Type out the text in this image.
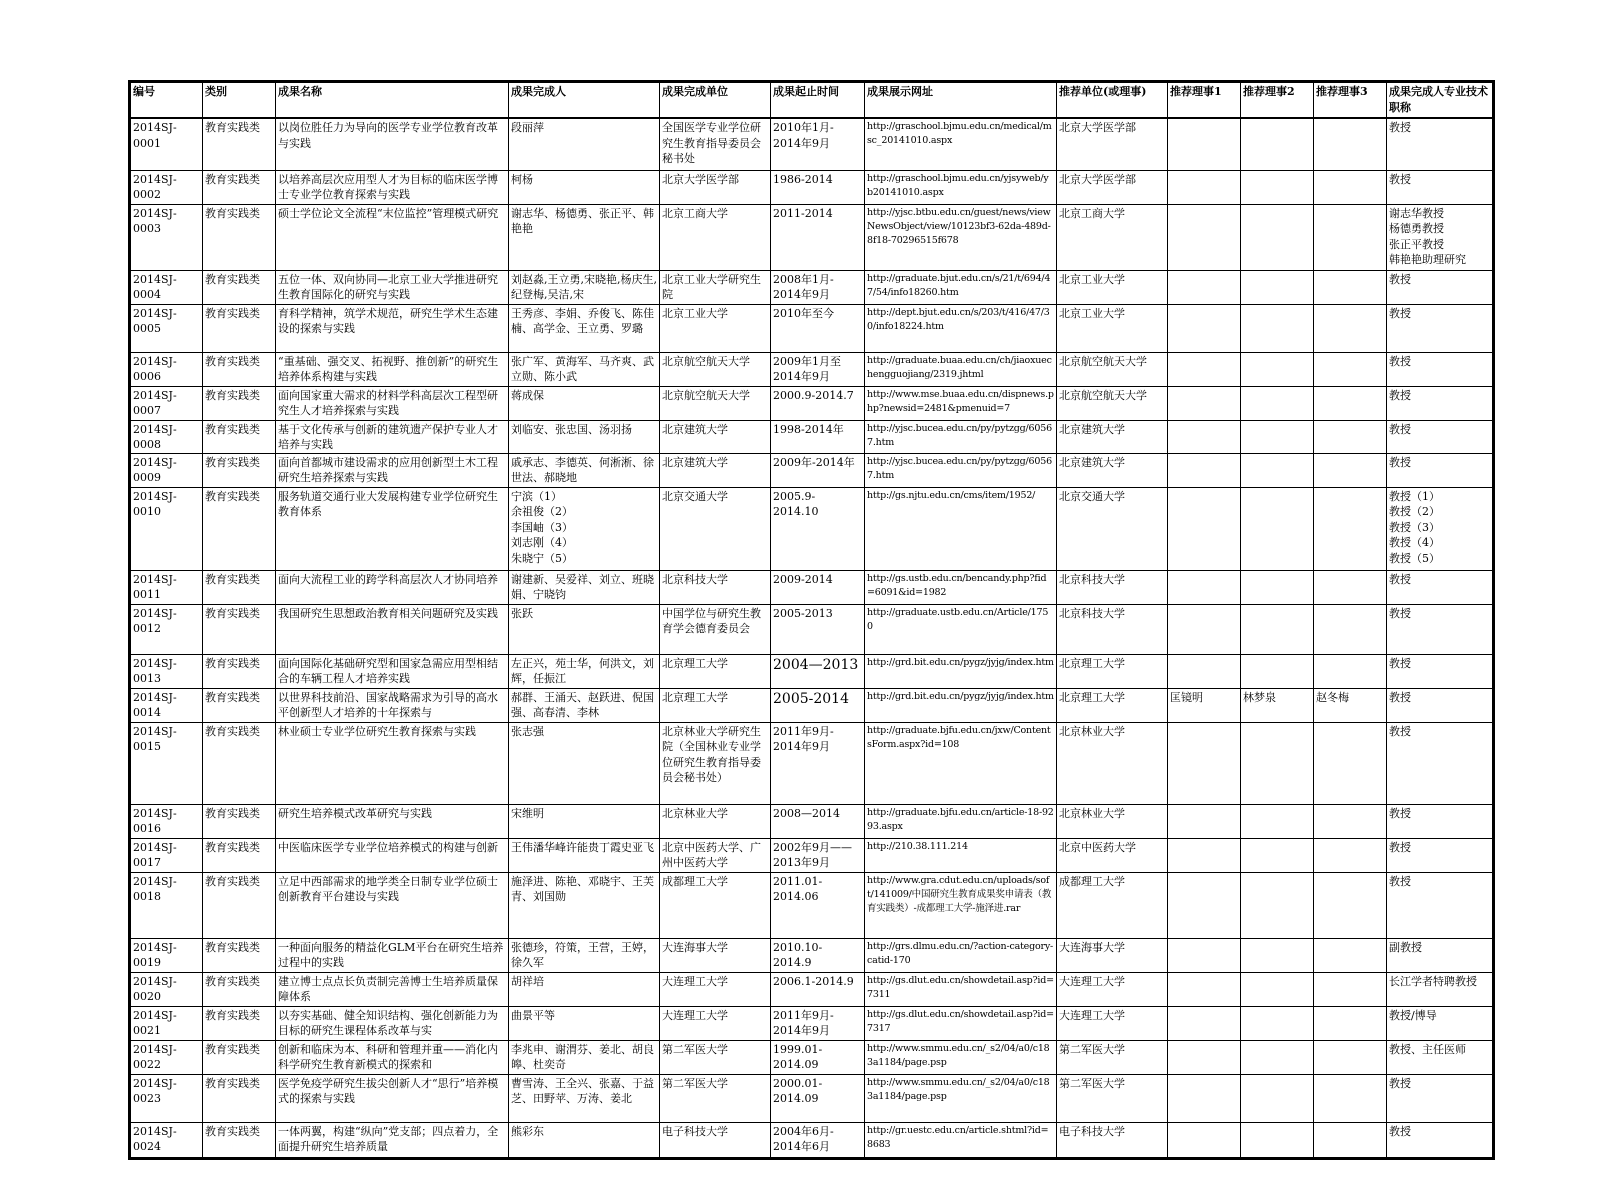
编号	类别	成果名称	成果完成人	成果完成单位	成果起止时间	成果展示网址	推荐单位(或理事)	推荐理事1	推荐理事2	推荐理事3	成果完成人专业技术职称

2014SJ-
0001	教育实践类	以岗位胜任力为导向的医学专业学位教育改革与实践	段丽萍	全国医学专业学位研究生教育指导委员会秘书处	2010年1月-
2014年9月	http://graschool.bjmu.edu.cn/medical/msc_20141010.aspx	北京大学医学部				教授

2014SJ-
0002	教育实践类	以培养高层次应用型人才为目标的临床医学博士专业学位教育探索与实践	柯杨	北京大学医学部	1986-2014	http://graschool.bjmu.edu.cn/yjsyweb/yb20141010.aspx	北京大学医学部				教授

2014SJ-
0003	教育实践类	硕士学位论文全流程“末位监控”管理模式研究	谢志华、杨德勇、张正平、韩艳艳	北京工商大学	2011-2014	http://yjsc.btbu.edu.cn/guest/news/viewNewsObject/view/10123bf3-62da-489d-8f18-70296515f678	北京工商大学				谢志华教授
杨德勇教授
张正平教授
韩艳艳助理研究

2014SJ-
0004	教育实践类	五位一体、双向协同—北京工业大学推进研究生教育国际化的研究与实践	刘赵淼,王立勇,宋晓艳,杨庆生,纪登梅,吴洁,宋	北京工业大学研究生院	2008年1月-
2014年9月	http://graduate.bjut.edu.cn/s/21/t/694/47/54/info18260.htm	北京工业大学				教授

2014SJ-
0005	教育实践类	育科学精神，筑学术规范，研究生学术生态建设的探索与实践	王秀彦、李娟、乔俊飞、陈佳楠、高学金、王立勇、罗璐	北京工业大学	2010年至今	http://dept.bjut.edu.cn/s/203/t/416/47/30/info18224.htm	北京工业大学				教授

2014SJ-
0006	教育实践类	“重基础、强交叉、拓视野、推创新”的研究生培养体系构建与实践	张广军、黄海军、马齐爽、武立勋、陈小武	北京航空航天大学	2009年1月至
2014年9月	http://graduate.buaa.edu.cn/ch/jiaoxuechengguojiang/2319.jhtml	北京航空航天大学				教授

2014SJ-
0007	教育实践类	面向国家重大需求的材料学科高层次工程型研究生人才培养探索与实践	蒋成保	北京航空航天大学	2000.9-2014.7	http://www.mse.buaa.edu.cn/dispnews.php?newsid=2481&pmenuid=7	北京航空航天大学				教授

2014SJ-
0008	教育实践类	基于文化传承与创新的建筑遗产保护专业人才培养与实践	刘临安、张忠国、汤羽扬	北京建筑大学	1998-2014年	http://yjsc.bucea.edu.cn/py/pytzgg/60567.htm	北京建筑大学				教授

2014SJ-
0009	教育实践类	面向首都城市建设需求的应用创新型土木工程研究生培养探索与实践	戚承志、李德英、何淅淅、徐世法、郝晓地	北京建筑大学	2009年-2014年	http://yjsc.bucea.edu.cn/py/pytzgg/60567.htm	北京建筑大学				教授

2014SJ-
0010	教育实践类	服务轨道交通行业大发展构建专业学位研究生教育体系	宁滨（1）
余祖俊（2）
李国岫（3）
刘志刚（4）
朱晓宁（5）	北京交通大学	2005.9-
2014.10	http://gs.njtu.edu.cn/cms/item/1952/	北京交通大学				教授（1）
教授（2）
教授（3）
教授（4）
教授（5）

2014SJ-
0011	教育实践类	面向大流程工业的跨学科高层次人才协同培养	谢建新、吴爱祥、刘立、班晓娟、宁晓钧	北京科技大学	2009-2014	http://gs.ustb.edu.cn/bencandy.php?fid=6091&id=1982	北京科技大学				教授

2014SJ-
0012	教育实践类	我国研究生思想政治教育相关问题研究及实践	张跃	中国学位与研究生教育学会德育委员会	2005-2013	http://graduate.ustb.edu.cn/Article/1750	北京科技大学				教授

2014SJ-
0013	教育实践类	面向国际化基础研究型和国家急需应用型相结合的车辆工程人才培养实践	左正兴，苑士华，何洪文，刘辉，任振江	北京理工大学	2004—2013	http://grd.bit.edu.cn/pygz/jyjg/index.htm	北京理工大学				教授

2014SJ-
0014	教育实践类	以世界科技前沿、国家战略需求为引导的高水平创新型人才培养的十年探索与	郝群、王涌天、赵跃进、倪国强、高春清、李林	北京理工大学	2005-2014	http://grd.bit.edu.cn/pygz/jyjg/index.htm	北京理工大学	匡镜明	林梦泉	赵冬梅	教授

2014SJ-
0015	教育实践类	林业硕士专业学位研究生教育探索与实践	张志强	北京林业大学研究生院（全国林业专业学位研究生教育指导委员会秘书处）	2011年9月-
2014年9月	http://graduate.bjfu.edu.cn/jxw/ContentsForm.aspx?id=108	北京林业大学				教授

2014SJ-
0016	教育实践类	研究生培养模式改革研究与实践	宋维明	北京林业大学	2008—2014	http://graduate.bjfu.edu.cn/article-18-9293.aspx	北京林业大学				教授

2014SJ-
0017	教育实践类	中医临床医学专业学位培养模式的构建与创新	王伟潘华峰许能贵丁霞史亚飞	北京中医药大学、广州中医药大学	2002年9月——
2013年9月	http://210.38.111.214	北京中医药大学				教授

2014SJ-
0018	教育实践类	立足中西部需求的地学类全日制专业学位硕士创新教育平台建设与实践	施泽进、陈艳、邓晓宇、王芙青、刘国勋	成都理工大学	2011.01-
2014.06	http://www.gra.cdut.edu.cn/uploads/soft/141009/中国研究生教育成果奖申请表（教育实践类）-成都理工大学-施泽进.rar	成都理工大学				教授

2014SJ-
0019	教育实践类	一种面向服务的精益化GLM平台在研究生培养过程中的实践	张德珍，符策，王营，王婷，徐久军	大连海事大学	2010.10-
2014.9	http://grs.dlmu.edu.cn/?action-category-catid-170	大连海事大学				副教授

2014SJ-
0020	教育实践类	建立博士点点长负责制完善博士生培养质量保障体系	胡祥培	大连理工大学	2006.1-2014.9	http://gs.dlut.edu.cn/showdetail.asp?id=7311	大连理工大学				长江学者特聘教授

2014SJ-
0021	教育实践类	以夯实基础、健全知识结构、强化创新能力为目标的研究生课程体系改革与实	曲景平等	大连理工大学	2011年9月-
2014年9月	http://gs.dlut.edu.cn/showdetail.asp?id=7317	大连理工大学				教授/博导

2014SJ-
0022	教育实践类	创新和临床为本、科研和管理并重——消化内科学研究生教育新模式的探索和	李兆申、谢渭芬、姜北、胡良皞、杜奕奇	第二军医大学	1999.01-
2014.09	http://www.smmu.edu.cn/_s2/04/a0/c183a1184/page.psp	第二军医大学				教授、主任医师

2014SJ-
0023	教育实践类	医学免疫学研究生拔尖创新人才“思行”培养模式的探索与实践	曹雪涛、王全兴、张嘉、于益芝、田野苹、万涛、姜北	第二军医大学	2000.01-
2014.09	http://www.smmu.edu.cn/_s2/04/a0/c183a1184/page.psp	第二军医大学				教授

2014SJ-
0024	教育实践类	一体两翼，构建“纵向”党支部；四点着力，全面提升研究生培养质量	熊彩东	电子科技大学	2004年6月-
2014年6月	http://gr.uestc.edu.cn/article.shtml?id=8683	电子科技大学				教授
